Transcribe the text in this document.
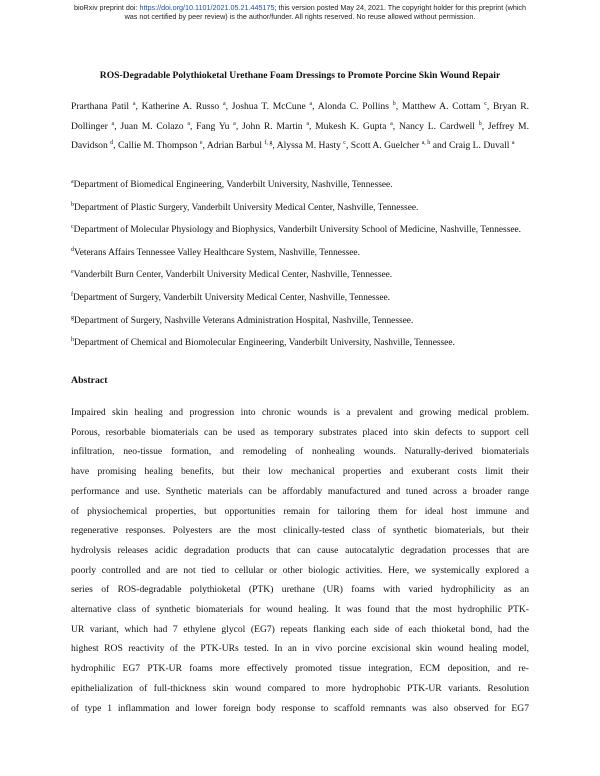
bioRxiv preprint doi: https://doi.org/10.1101/2021.05.21.445175; this version posted May 24, 2021. The copyright holder for this preprint (which
was not certified by peer review) is the author/funder. All rights reserved. No reuse allowed without permission.
ROS-Degradable Polythioketal Urethane Foam Dressings to Promote Porcine Skin Wound Repair
Prarthana Patil $^a$, Katherine A. Russo $^a$, Joshua T. McCune $^a$, Alonda C. Pollins $^b$, Matthew A. Cottam $^c$, Bryan R. Dollinger $^a$, Juan M. Colazo $^a$, Fang Yu $^a$, John R. Martin $^a$, Mukesh K. Gupta $^a$, Nancy L. Cardwell $^b$, Jeffrey M. Davidson $^d$, Callie M. Thompson $^e$, Adrian Barbul $^{f, g}$, Alyssa M. Hasty $^c$, Scott A. Guelcher $^{a, h}$ and Craig L. Duvall $^a$
$^a$Department of Biomedical Engineering, Vanderbilt University, Nashville, Tennessee.
$^b$Department of Plastic Surgery, Vanderbilt University Medical Center, Nashville, Tennessee.
$^c$Department of Molecular Physiology and Biophysics, Vanderbilt University School of Medicine, Nashville, Tennessee.
$^d$Veterans Affairs Tennessee Valley Healthcare System, Nashville, Tennessee.
$^e$Vanderbilt Burn Center, Vanderbilt University Medical Center, Nashville, Tennessee.
$^f$Department of Surgery, Vanderbilt University Medical Center, Nashville, Tennessee.
$^g$Department of Surgery, Nashville Veterans Administration Hospital, Nashville, Tennessee.
$^h$Department of Chemical and Biomolecular Engineering, Vanderbilt University, Nashville, Tennessee.
Abstract
Impaired skin healing and progression into chronic wounds is a prevalent and growing medical problem.
Porous, resorbable biomaterials can be used as temporary substrates placed into skin defects to support cell
infiltration, neo-tissue formation, and remodeling of nonhealing wounds. Naturally-derived biomaterials
have promising healing benefits, but their low mechanical properties and exuberant costs limit their
performance and use. Synthetic materials can be affordably manufactured and tuned across a broader range
of physiochemical properties, but opportunities remain for tailoring them for ideal host immune and
regenerative responses. Polyesters are the most clinically-tested class of synthetic biomaterials, but their
hydrolysis releases acidic degradation products that can cause autocatalytic degradation processes that are
poorly controlled and are not tied to cellular or other biologic activities. Here, we systemically explored a
series of ROS-degradable polythioketal (PTK) urethane (UR) foams with varied hydrophilicity as an
alternative class of synthetic biomaterials for wound healing. It was found that the most hydrophilic PTK-
UR variant, which had 7 ethylene glycol (EG7) repeats flanking each side of each thioketal bond, had the
highest ROS reactivity of the PTK-URs tested. In an in vivo porcine excisional skin wound healing model,
hydrophilic EG7 PTK-UR foams more effectively promoted tissue integration, ECM deposition, and re-
epithelialization of full-thickness skin wound compared to more hydrophobic PTK-UR variants. Resolution
of type 1 inflammation and lower foreign body response to scaffold remnants was also observed for EG7
